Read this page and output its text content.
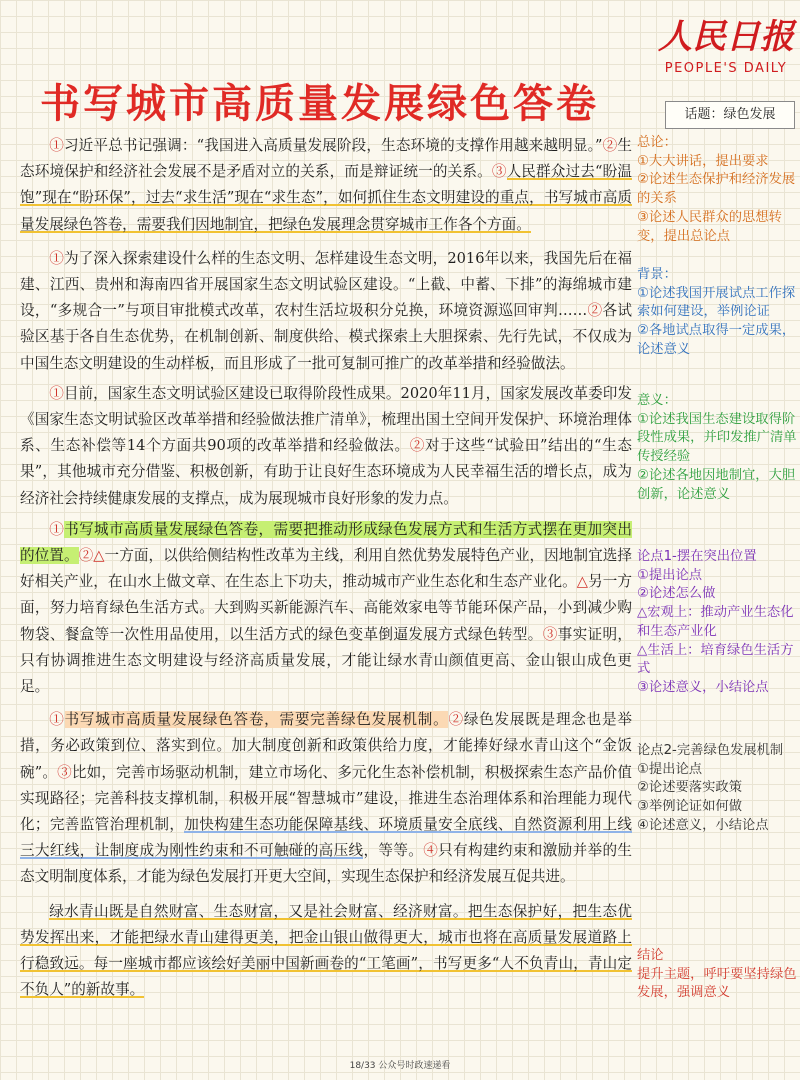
书写城市高质量发展绿色答卷
人民日报
PEOPLE'S DAILY
话题：绿色发展

①习近平总书记强调：“我国进入高质量发展阶段，生态环境的支撑作用越来越明显。”②生态环境保护和经济社会发展不是矛盾对立的关系，而是辩证统一的关系。③人民群众过去“盼温饱”现在“盼环保”，过去“求生活”现在“求生态”，如何抓住生态文明建设的重点，书写城市高质量发展绿色答卷，需要我们因地制宜，把绿色发展理念贯穿城市工作各个方面。

①为了深入探索建设什么样的生态文明、怎样建设生态文明，2016年以来，我国先后在福建、江西、贵州和海南四省开展国家生态文明试验区建设。“上截、中蓄、下排”的海绵城市建设，“多规合一”与项目审批模式改革，农村生活垃圾积分兑换，环境资源巡回审判……②各试验区基于各自生态优势，在机制创新、制度供给、模式探索上大胆探索、先行先试，不仅成为中国生态文明建设的生动样板，而且形成了一批可复制可推广的改革举措和经验做法。

①目前，国家生态文明试验区建设已取得阶段性成果。2020年11月，国家发展改革委印发《国家生态文明试验区改革举措和经验做法推广清单》，梳理出国土空间开发保护、环境治理体系、生态补偿等14个方面共90项的改革举措和经验做法。②对于这些“试验田”结出的“生态果”，其他城市充分借鉴、积极创新，有助于让良好生态环境成为人民幸福生活的增长点，成为经济社会持续健康发展的支撑点，成为展现城市良好形象的发力点。

①书写城市高质量发展绿色答卷，需要把推动形成绿色发展方式和生活方式摆在更加突出的位置。②△一方面，以供给侧结构性改革为主线，利用自然优势发展特色产业，因地制宜选择好相关产业，在山水上做文章、在生态上下功夫，推动城市产业生态化和生态产业化。△另一方面，努力培育绿色生活方式。大到购买新能源汽车、高能效家电等节能环保产品，小到减少购物袋、餐盒等一次性用品使用，以生活方式的绿色变革倒逼发展方式绿色转型。③事实证明，只有协调推进生态文明建设与经济高质量发展，才能让绿水青山颜值更高、金山银山成色更足。

①书写城市高质量发展绿色答卷，需要完善绿色发展机制。②绿色发展既是理念也是举措，务必政策到位、落实到位。加大制度创新和政策供给力度，才能捧好绿水青山这个“金饭碗”。③比如，完善市场驱动机制，建立市场化、多元化生态补偿机制，积极探索生态产品价值实现路径；完善科技支撑机制，积极开展“智慧城市”建设，推进生态治理体系和治理能力现代化；完善监管治理机制，加快构建生态功能保障基线、环境质量安全底线、自然资源利用上线三大红线，让制度成为刚性约束和不可触碰的高压线，等等。④只有构建约束和激励并举的生态文明制度体系，才能为绿色发展打开更大空间，实现生态保护和经济发展互促共进。

绿水青山既是自然财富、生态财富，又是社会财富、经济财富。把生态保护好，把生态优势发挥出来，才能把绿水青山建得更美，把金山银山做得更大，城市也将在高质量发展道路上行稳致远。每一座城市都应该绘好美丽中国新画卷的“工笔画”，书写更多“人不负青山，青山定不负人”的新故事。

总论：
①大大讲话，提出要求
②论述生态保护和经济发展的关系
③论述人民群众的思想转变，提出总论点
背景：
①论述我国开展试点工作探索如何建设，举例论证
②各地试点取得一定成果，论述意义
意义：
①论述我国生态建设取得阶段性成果，并印发推广清单传授经验
②论述各地因地制宜，大胆创新，论述意义
论点1-摆在突出位置
①提出论点
②论述怎么做
△宏观上：推动产业生态化和生态产业化
△生活上：培育绿色生活方式
③论述意义，小结论点
论点2-完善绿色发展机制
①提出论点
②论述要落实政策
③举例论证如何做
④论述意义，小结论点
结论
提升主题，呼吁要坚持绿色发展，强调意义
18/33 公众号时政速递看
